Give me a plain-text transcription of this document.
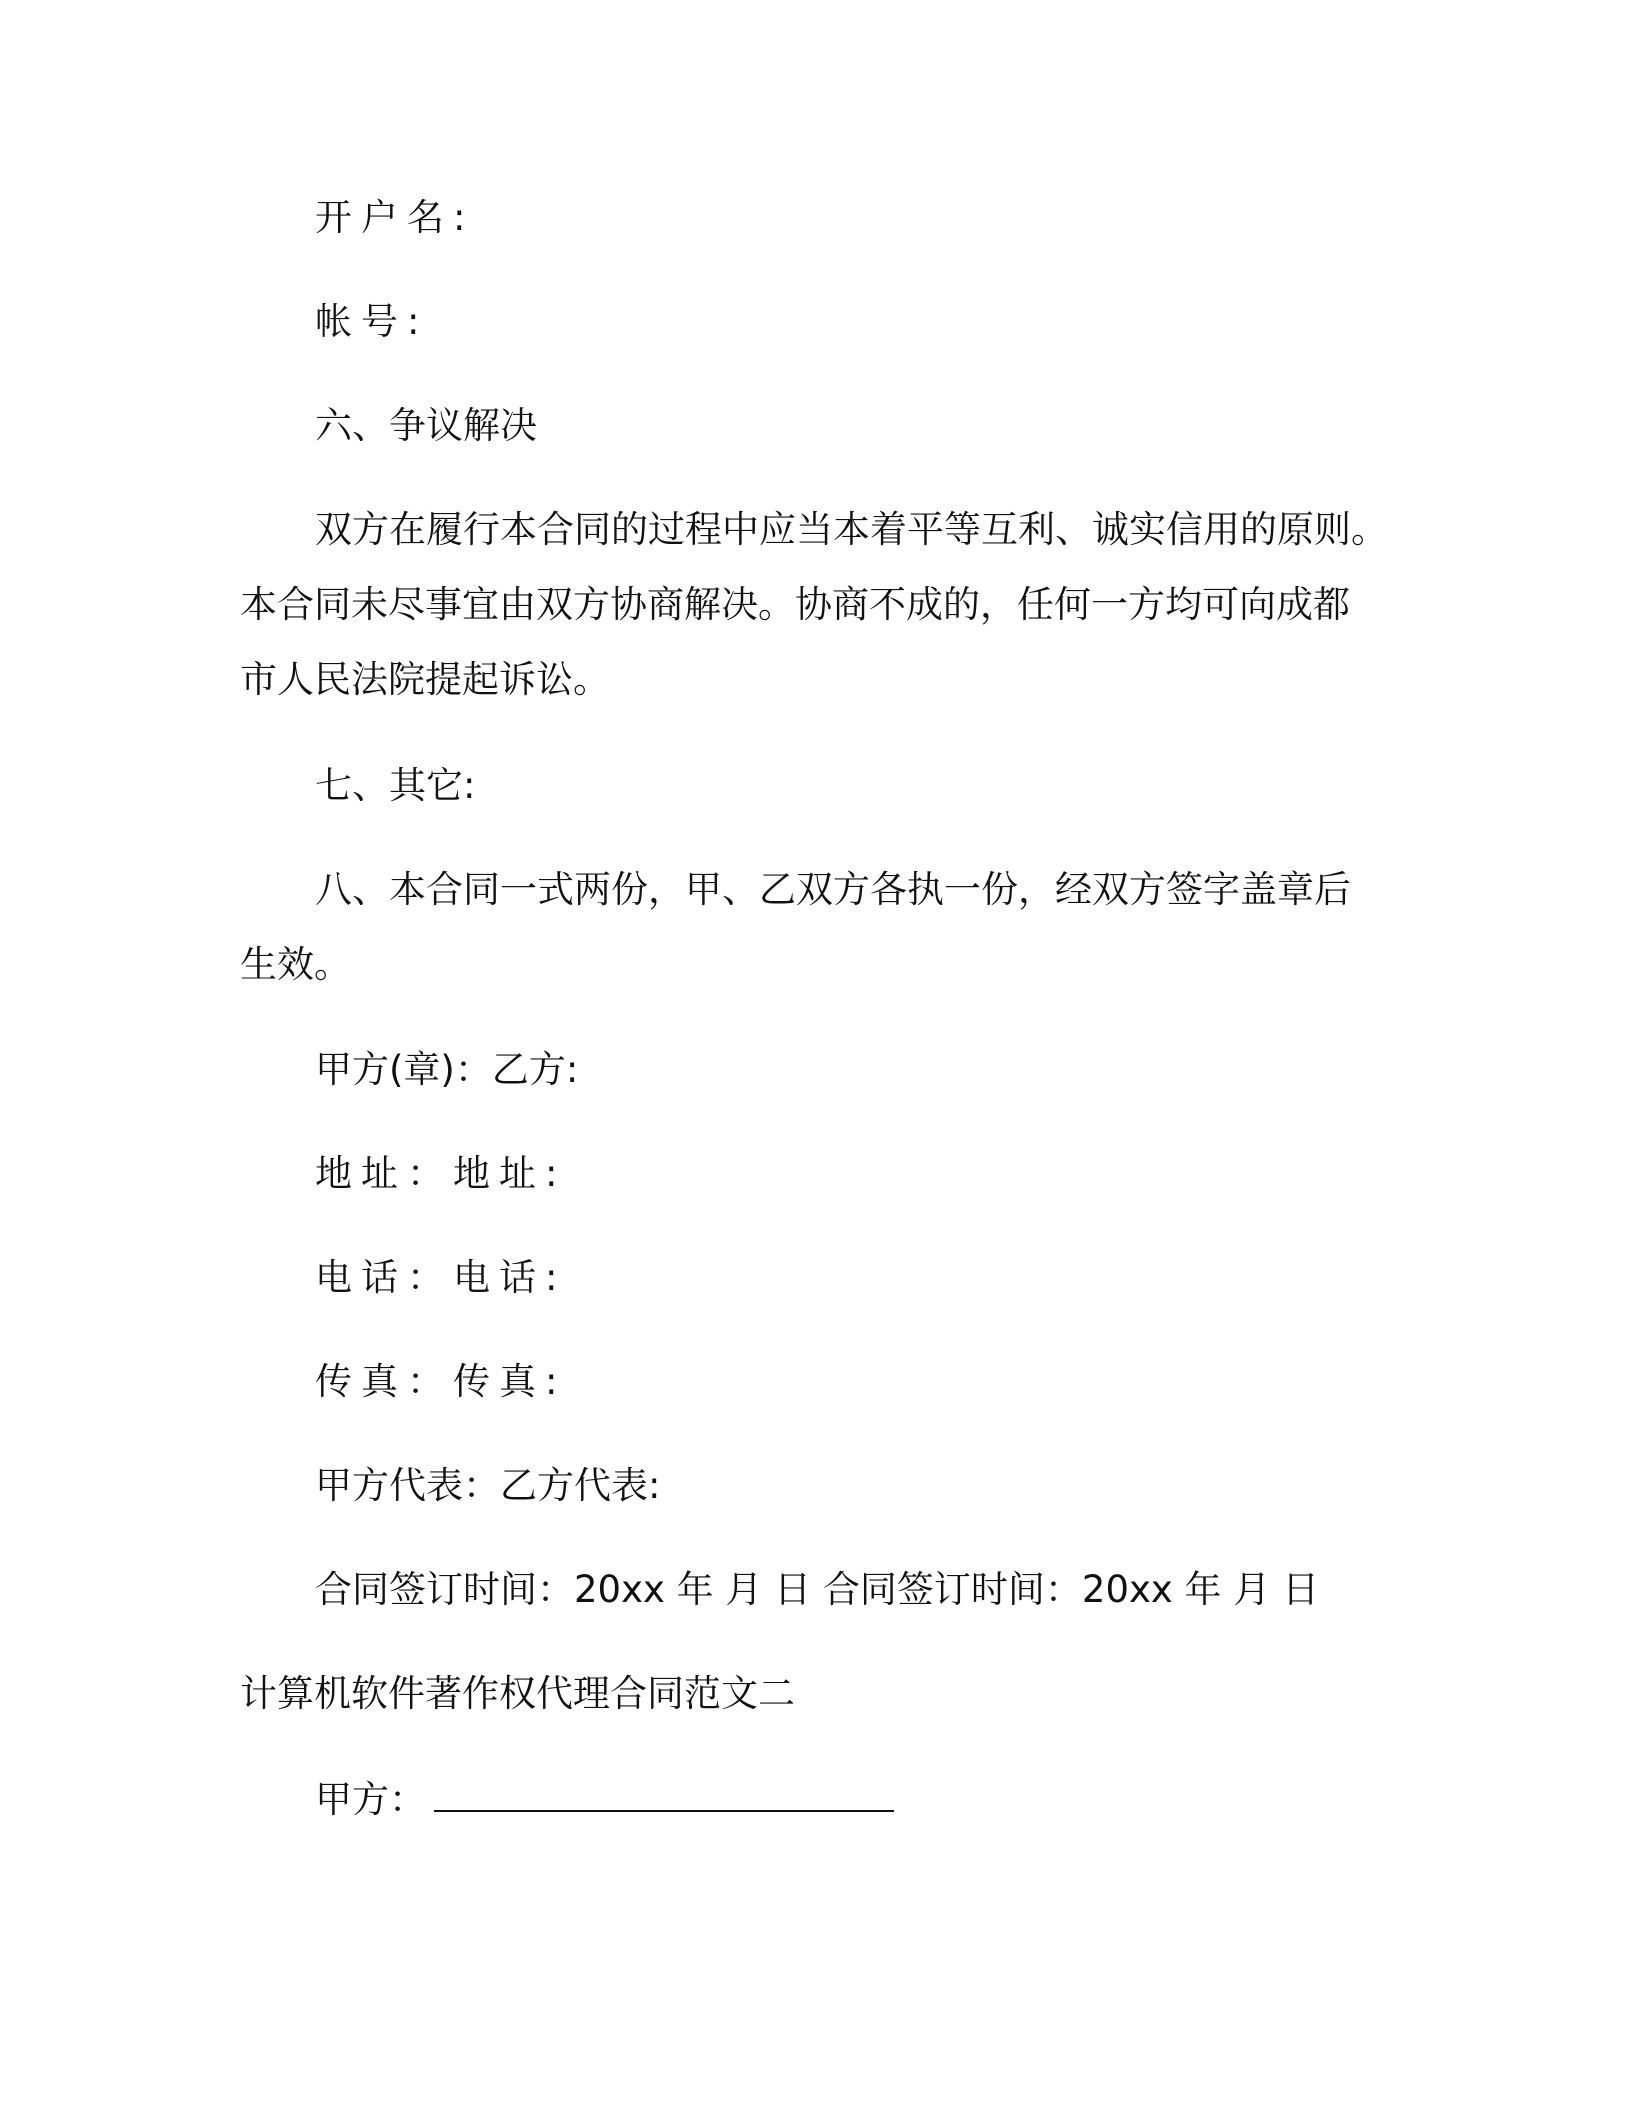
开户名:
帐号:
六、争议解决
双方在履行本合同的过程中应当本着平等互利、诚实信用的原则。
本合同未尽事宜由双方协商解决。协商不成的，任何一方均可向成都
市人民法院提起诉讼。
七、其它:
八、本合同一式两份，甲、乙双方各执一份，经双方签字盖章后
生效。
甲方(章)：乙方:
地址：地址:
电话：电话:
传真：传真:
甲方代表：乙方代表:
合同签订时间：20xx 年 月 日 合同签订时间：20xx 年 月 日
计算机软件著作权代理合同范文二
甲方：
